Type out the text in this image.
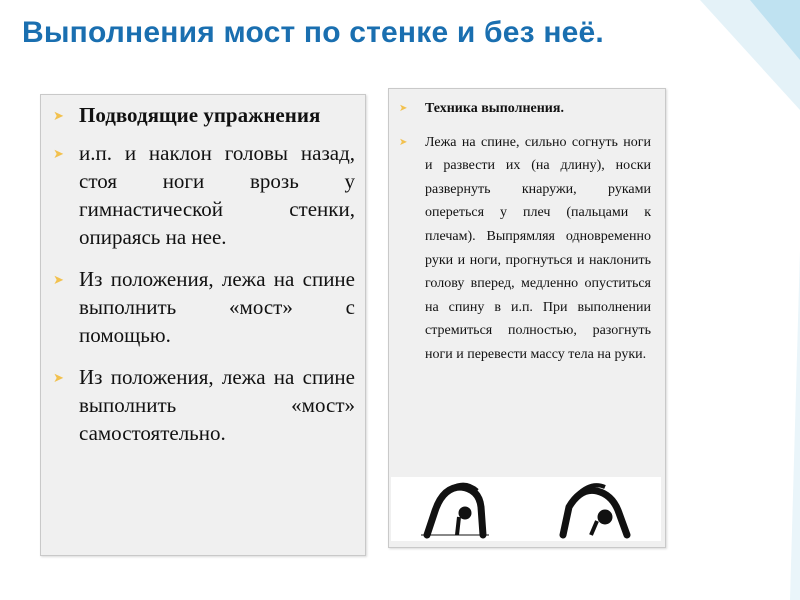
Выполнения мост по стенке и без неё.
➤ Подводящие упражнения
➤ и.п. и наклон головы назад, стоя ноги врозь у гимнастической стенки, опираясь на нее.
➤ Из положения, лежа на спине выполнить «мост» с помощью.
➤ Из положения, лежа на спине выполнить «мост» самостоятельно.
➤ Техника выполнения.
➤ Лежа на спине, сильно согнуть ноги и развести их (на длину), носки развернуть кнаружи, руками опереться у плеч (пальцами к плечам). Выпрямляя одновременно руки и ноги, прогнуться и наклонить голову вперед, медленно опуститься на спину в и.п. При выполнении стремиться полностью, разогнуть ноги и перевести массу тела на руки.
